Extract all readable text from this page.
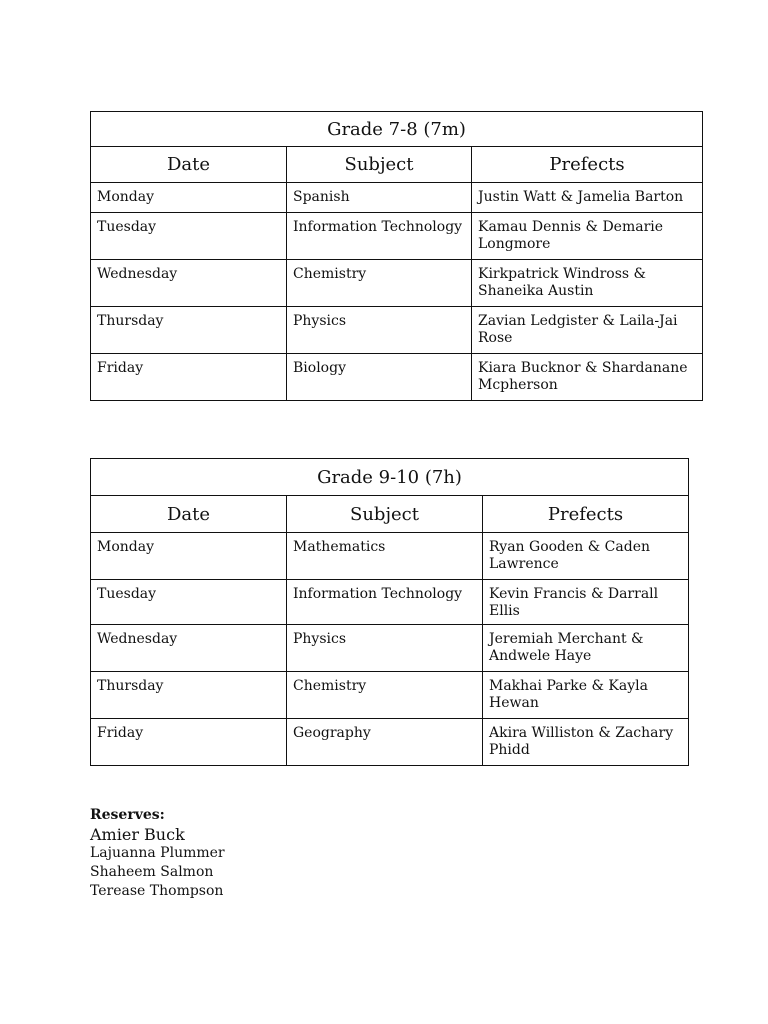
Grade 7-8 (7m)		
Date	Subject	Prefects
Monday	Spanish	Justin Watt & Jamelia Barton
Tuesday	Information Technology	Kamau Dennis & Demarie Longmore
Wednesday	Chemistry	Kirkpatrick Windross & Shaneika Austin
Thursday	Physics	Zavian Ledgister & Laila-Jai Rose
Friday	Biology	Kiara Bucknor & Shardanane Mcpherson
Grade 9-10 (7h)		
Date	Subject	Prefects
Monday	Mathematics	Ryan Gooden & Caden Lawrence
Tuesday	Information Technology	Kevin Francis & Darrall Ellis
Wednesday	Physics	Jeremiah Merchant & Andwele Haye
Thursday	Chemistry	Makhai Parke & Kayla Hewan
Friday	Geography	Akira Williston & Zachary Phidd
Reserves:
Amier Buck
Lajuanna Plummer
Shaheem Salmon
Terease Thompson
